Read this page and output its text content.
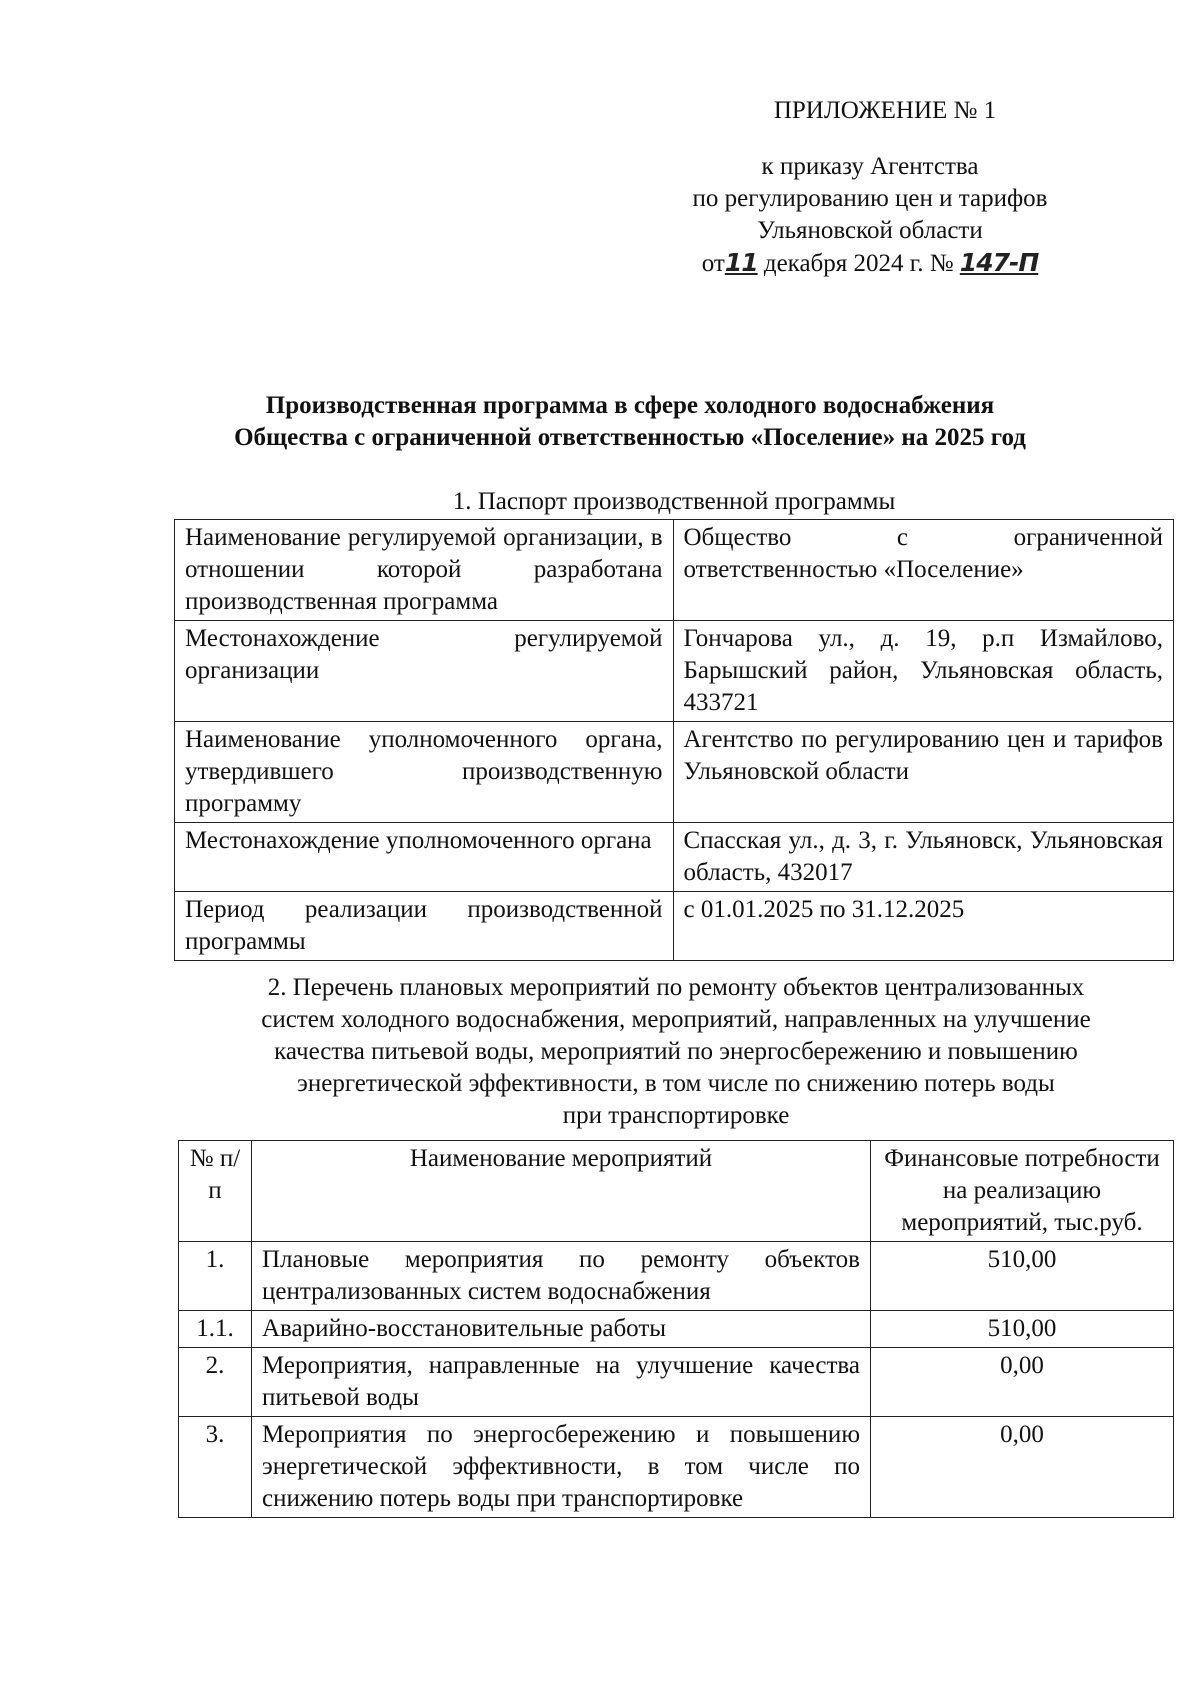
ПРИЛОЖЕНИЕ № 1
к приказу Агентства
по регулированию цен и тарифов
Ульяновской области
от11 декабря 2024 г. № 147-П
Производственная программа в сфере холодного водоснабжения
Общества с ограниченной ответственностью «Поселение» на 2025 год
1. Паспорт производственной программы
Наименование регулируемой организации, в отношении которой разработана производственная программа	Общество с ограниченной ответственностью «Поселение»
Местонахождение регулируемой организации	Гончарова ул., д. 19, р.п Измайлово, Барышский район, Ульяновская область, 433721
Наименование уполномоченного органа, утвердившего производственную программу	Агентство по регулированию цен и тарифов Ульяновской области
Местонахождение уполномоченного органа	Спасская ул., д. 3, г. Ульяновск, Ульяновская область, 432017
Период реализации производственной программы	с 01.01.2025 по 31.12.2025
2. Перечень плановых мероприятий по ремонту объектов централизованных
систем холодного водоснабжения, мероприятий, направленных на улучшение
качества питьевой воды, мероприятий по энергосбережению и повышению
энергетической эффективности, в том числе по снижению потерь воды
при транспортировке
№ п/п	Наименование мероприятий	Финансовые потребности на реализацию мероприятий, тыс.руб.
1.	Плановые мероприятия по ремонту объектов централизованных систем водоснабжения	510,00
1.1.	Аварийно-восстановительные работы	510,00
2.	Мероприятия, направленные на улучшение качества питьевой воды	0,00
3.	Мероприятия по энергосбережению и повышению энергетической эффективности, в том числе по снижению потерь воды при транспортировке	0,00
